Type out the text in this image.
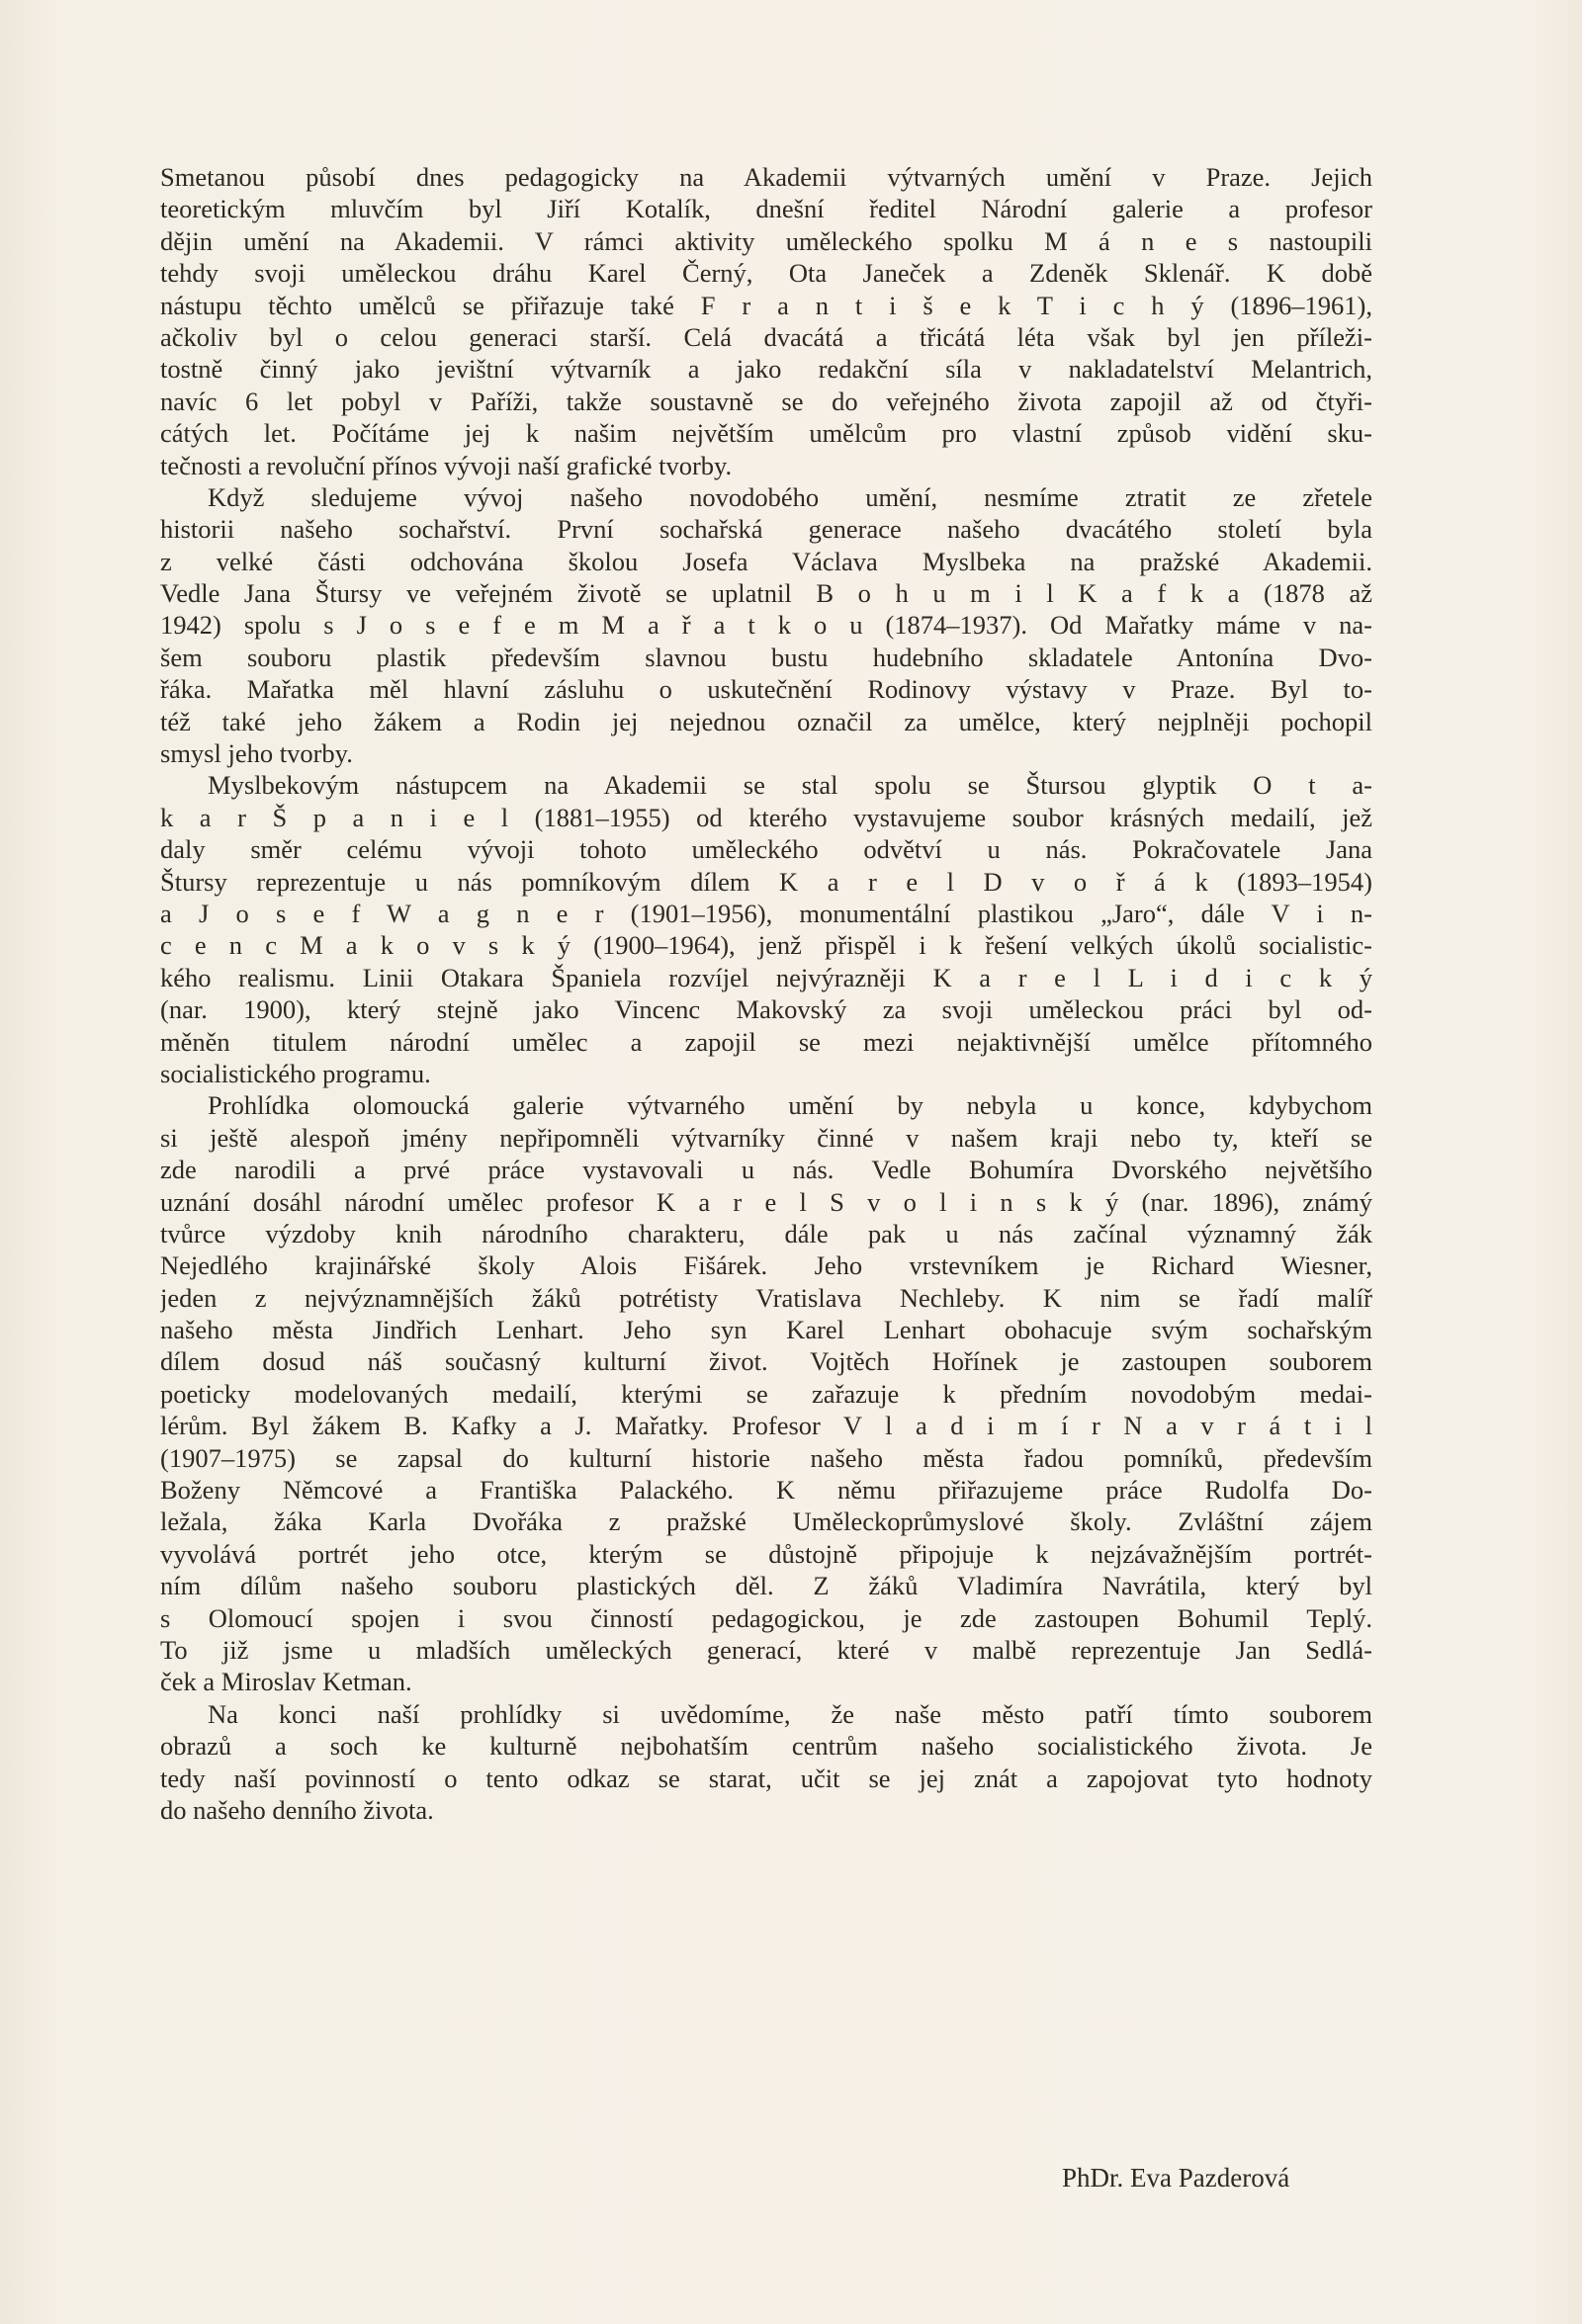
Smetanou působí dnes pedagogicky na Akademii výtvarných umění v Praze. Jejich
teoretickým mluvčím byl Jiří Kotalík, dnešní ředitel Národní galerie a profesor
dějin umění na Akademii. V rámci aktivity uměleckého spolku M á n e s nastoupili
tehdy svoji uměleckou dráhu Karel Černý, Ota Janeček a Zdeněk Sklenář. K době
nástupu těchto umělců se přiřazuje také F r a n t i š e k T i c h ý (1896–1961),
ačkoliv byl o celou generaci starší. Celá dvacátá a třicátá léta však byl jen příleži-
tostně činný jako jevištní výtvarník a jako redakční síla v nakladatelství Melantrich,
navíc 6 let pobyl v Paříži, takže soustavně se do veřejného života zapojil až od čtyři-
cátých let. Počítáme jej k našim největším umělcům pro vlastní způsob vidění sku-
tečnosti a revoluční přínos vývoji naší grafické tvorby.
Když sledujeme vývoj našeho novodobého umění, nesmíme ztratit ze zřetele
historii našeho sochařství. První sochařská generace našeho dvacátého století byla
z velké části odchována školou Josefa Václava Myslbeka na pražské Akademii.
Vedle Jana Štursy ve veřejném životě se uplatnil B o h u m i l K a f k a (1878 až
1942) spolu s J o s e f e m M a ř a t k o u (1874–1937). Od Mařatky máme v na-
šem souboru plastik především slavnou bustu hudebního skladatele Antonína Dvo-
řáka. Mařatka měl hlavní zásluhu o uskutečnění Rodinovy výstavy v Praze. Byl to-
též také jeho žákem a Rodin jej nejednou označil za umělce, který nejplněji pochopil
smysl jeho tvorby.
Myslbekovým nástupcem na Akademii se stal spolu se Štursou glyptik O t a-
k a r Š p a n i e l (1881–1955) od kterého vystavujeme soubor krásných medailí, jež
daly směr celému vývoji tohoto uměleckého odvětví u nás. Pokračovatele Jana
Štursy reprezentuje u nás pomníkovým dílem K a r e l D v o ř á k (1893–1954)
a J o s e f W a g n e r (1901–1956), monumentální plastikou „Jaro“, dále V i n-
c e n c M a k o v s k ý (1900–1964), jenž přispěl i k řešení velkých úkolů socialistic-
kého realismu. Linii Otakara Španiela rozvíjel nejvýrazněji K a r e l L i d i c k ý
(nar. 1900), který stejně jako Vincenc Makovský za svoji uměleckou práci byl od-
měněn titulem národní umělec a zapojil se mezi nejaktivnější umělce přítomného
socialistického programu.
Prohlídka olomoucká galerie výtvarného umění by nebyla u konce, kdybychom
si ještě alespoň jmény nepřipomněli výtvarníky činné v našem kraji nebo ty, kteří se
zde narodili a prvé práce vystavovali u nás. Vedle Bohumíra Dvorského největšího
uznání dosáhl národní umělec profesor K a r e l S v o l i n s k ý (nar. 1896), známý
tvůrce výzdoby knih národního charakteru, dále pak u nás začínal významný žák
Nejedlého krajinářské školy Alois Fišárek. Jeho vrstevníkem je Richard Wiesner,
jeden z nejvýznamnějších žáků potrétisty Vratislava Nechleby. K nim se řadí malíř
našeho města Jindřich Lenhart. Jeho syn Karel Lenhart obohacuje svým sochařským
dílem dosud náš současný kulturní život. Vojtěch Hořínek je zastoupen souborem
poeticky modelovaných medailí, kterými se zařazuje k předním novodobým medai-
lérům. Byl žákem B. Kafky a J. Mařatky. Profesor V l a d i m í r N a v r á t i l
(1907–1975) se zapsal do kulturní historie našeho města řadou pomníků, především
Boženy Němcové a Františka Palackého. K němu přiřazujeme práce Rudolfa Do-
ležala, žáka Karla Dvořáka z pražské Uměleckoprůmyslové školy. Zvláštní zájem
vyvolává portrét jeho otce, kterým se důstojně připojuje k nejzávažnějším portrét-
ním dílům našeho souboru plastických děl. Z žáků Vladimíra Navrátila, který byl
s Olomoucí spojen i svou činností pedagogickou, je zde zastoupen Bohumil Teplý.
To již jsme u mladších uměleckých generací, které v malbě reprezentuje Jan Sedlá-
ček a Miroslav Ketman.
Na konci naší prohlídky si uvědomíme, že naše město patří tímto souborem
obrazů a soch ke kulturně nejbohatším centrům našeho socialistického života. Je
tedy naší povinností o tento odkaz se starat, učit se jej znát a zapojovat tyto hodnoty
do našeho denního života.
PhDr. Eva Pazderová
